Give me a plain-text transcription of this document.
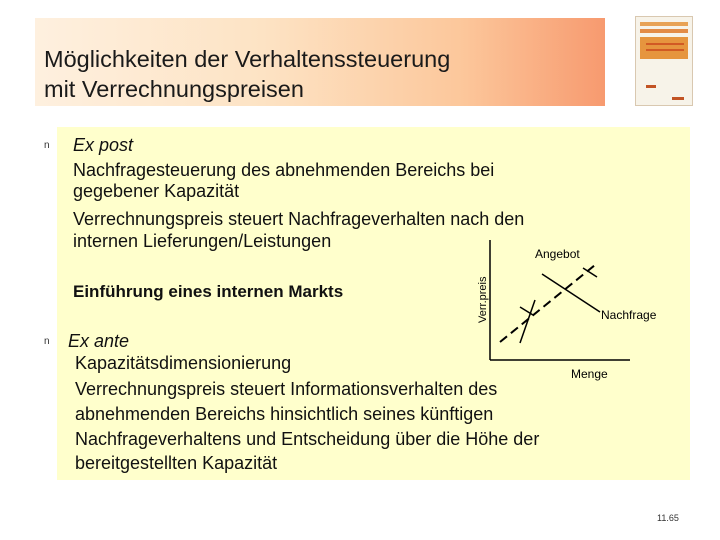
Möglichkeiten der Verhaltenssteuerung
mit Verrechnungspreisen
n Ex post

Nachfragesteuerung des abnehmenden Bereichs bei

gegebener Kapazität

Verrechnungspreis steuert Nachfrageverhalten nach den

internen Lieferungen/Leistungen

Einführung eines internen Markts

n Ex ante

Kapazitätsdimensionierung

Verrechnungspreis steuert Informationsverhalten des

abnehmenden Bereichs hinsichtlich seines künftigen

Nachfrageverhaltens und Entscheidung über die Höhe der

bereitgestellten Kapazität

Verr.preis
Angebot
Nachfrage
Menge
11.65
